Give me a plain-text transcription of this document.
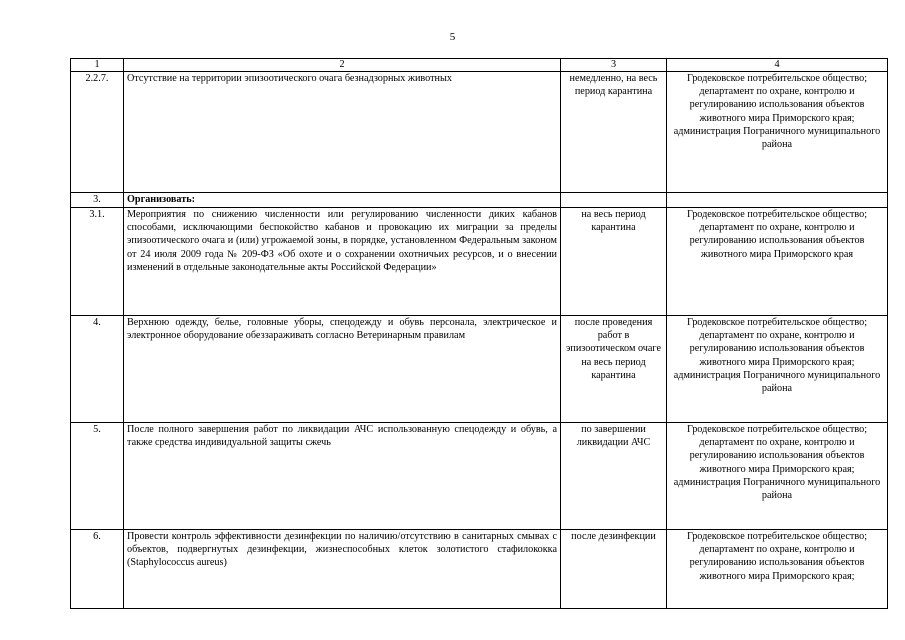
5
1	2	3	4
2.2.7.	Отсутствие на территории эпизоотического очага безнадзорных животных	немедленно, на весь период карантина	Гродековское потребительское общество; департамент по охране, контролю и регулированию использования объектов животного мира Приморского края; администрация Пограничного муниципального района
3.	Организовать:		
3.1.	Мероприятия по снижению численности или регулированию численности диких кабанов способами, исключающими беспокойство кабанов и провокацию их миграции за пределы эпизоотического очага и (или) угрожаемой зоны, в порядке, установленном Федеральным законом от 24 июля 2009 года № 209-ФЗ «Об охоте и о сохранении охотничьих ресурсов, и о внесении изменений в отдельные законодательные акты Российской Федерации»	на весь период карантина	Гродековское потребительское общество; департамент по охране, контролю и регулированию использования объектов животного мира Приморского края
4.	Верхнюю одежду, белье, головные уборы, спецодежду и обувь персонала, электрическое и электронное оборудование обеззараживать согласно Ветеринарным правилам	после проведения работ в эпизоотическом очаге на весь период карантина	Гродековское потребительское общество; департамент по охране, контролю и регулированию использования объектов животного мира Приморского края; администрация Пограничного муниципального района
5.	После полного завершения работ по ликвидации АЧС использованную спецодежду и обувь, а также средства индивидуальной защиты сжечь	по завершении ликвидации АЧС	Гродековское потребительское общество; департамент по охране, контролю и регулированию использования объектов животного мира Приморского края; администрация Пограничного муниципального района
6.	Провести контроль эффективности дезинфекции по наличию/отсутствию в санитарных смывах с объектов, подвергнутых дезинфекции, жизнеспособных клеток золотистого стафилококка (Staphylococcus aureus)	после дезинфекции	Гродековское потребительское общество; департамент по охране, контролю и регулированию использования объектов животного мира Приморского края;
